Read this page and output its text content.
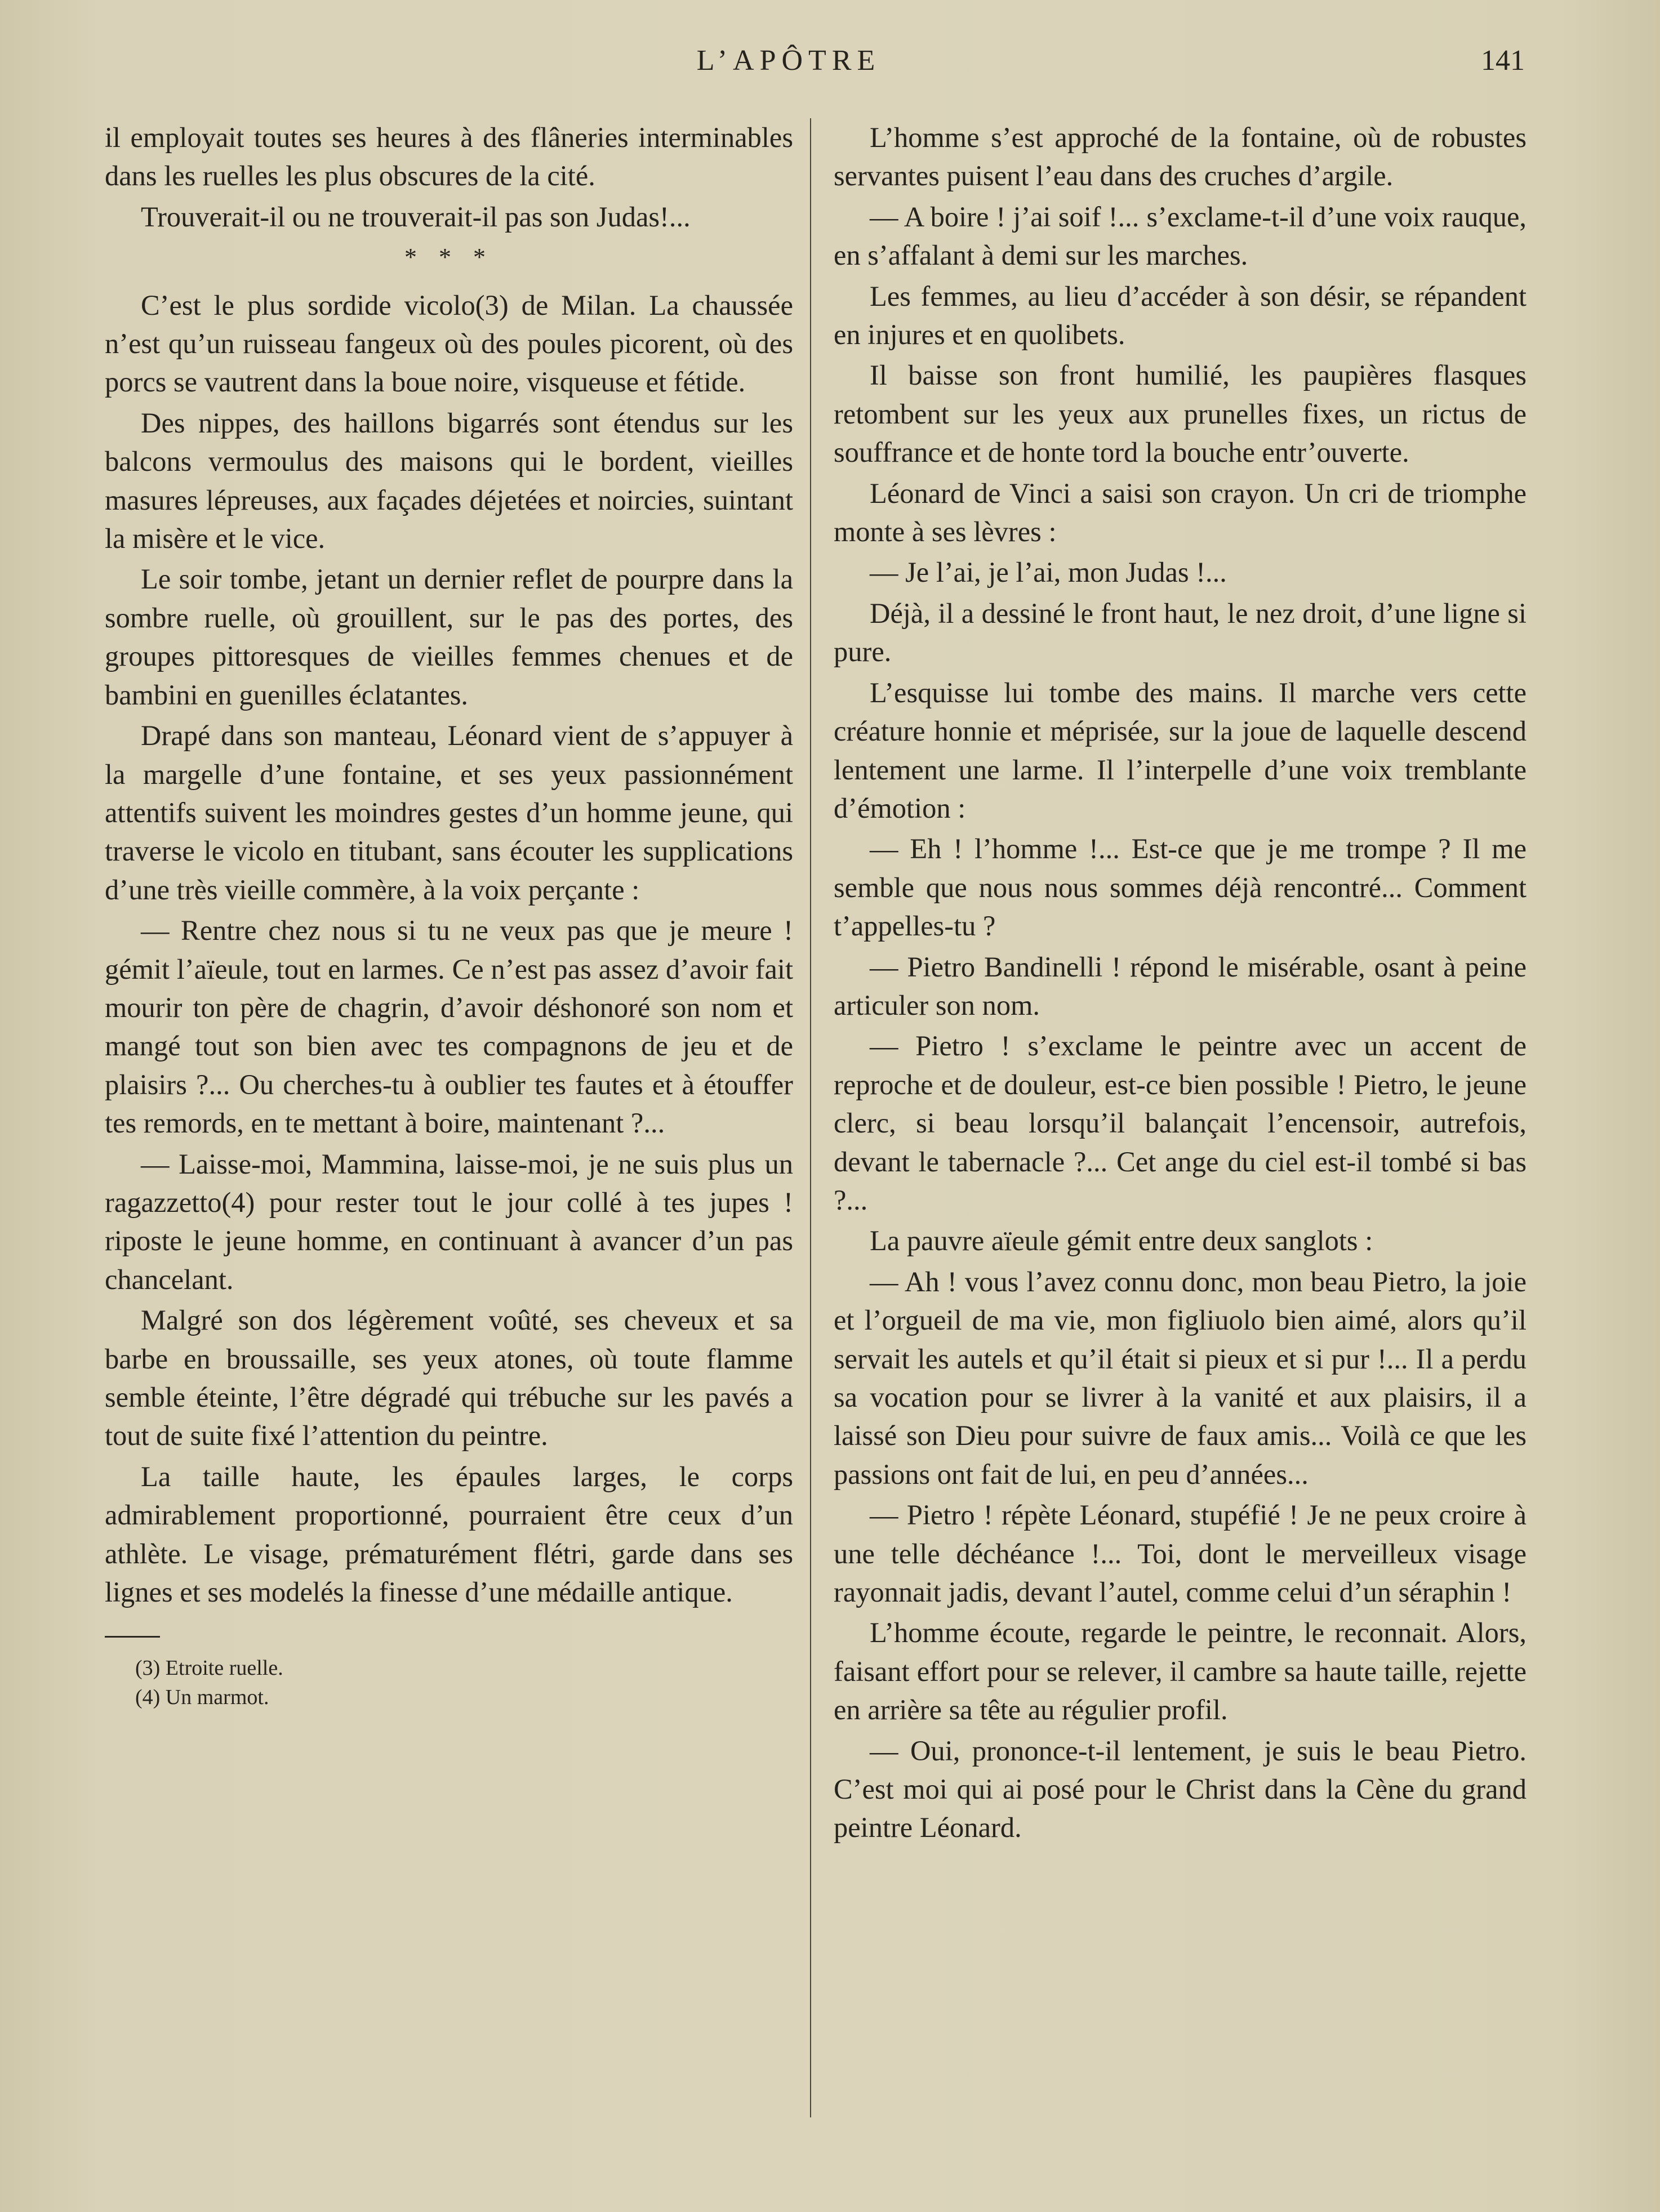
L’APÔTRE	141

il employait toutes ses heures à des flâneries interminables dans les ruelles les plus obscures de la cité.

Trouverait-il ou ne trouverait-il pas son Judas!...

* * *

C’est le plus sordide vicolo(3) de Milan. La chaussée n’est qu’un ruisseau fangeux où des poules picorent, où des porcs se vautrent dans la boue noire, visqueuse et fétide.

Des nippes, des haillons bigarrés sont étendus sur les balcons vermoulus des maisons qui le bordent, vieilles masures lépreuses, aux façades déjetées et noircies, suintant la misère et le vice.

Le soir tombe, jetant un dernier reflet de pourpre dans la sombre ruelle, où grouillent, sur le pas des portes, des groupes pittoresques de vieilles femmes chenues et de bambini en guenilles éclatantes.

Drapé dans son manteau, Léonard vient de s’appuyer à la margelle d’une fontaine, et ses yeux passionnément attentifs suivent les moindres gestes d’un homme jeune, qui traverse le vicolo en titubant, sans écouter les supplications d’une très vieille commère, à la voix perçante :

— Rentre chez nous si tu ne veux pas que je meure ! gémit l’aïeule, tout en larmes. Ce n’est pas assez d’avoir fait mourir ton père de chagrin, d’avoir déshonoré son nom et mangé tout son bien avec tes compagnons de jeu et de plaisirs ?... Ou cherches-tu à oublier tes fautes et à étouffer tes remords, en te mettant à boire, maintenant ?...

— Laisse-moi, Mammina, laisse-moi, je ne suis plus un ragazzetto(4) pour rester tout le jour collé à tes jupes ! riposte le jeune homme, en continuant à avancer d’un pas chancelant.

Malgré son dos légèrement voûté, ses cheveux et sa barbe en broussaille, ses yeux atones, où toute flamme semble éteinte, l’être dégradé qui trébuche sur les pavés a tout de suite fixé l’attention du peintre.

La taille haute, les épaules larges, le corps admirablement proportionné, pourraient être ceux d’un athlète. Le visage, prématurément flétri, garde dans ses lignes et ses modelés la finesse d’une médaille antique.

(3) Etroite ruelle.
(4) Un marmot.

L’homme s’est approché de la fontaine, où de robustes servantes puisent l’eau dans des cruches d’argile.

— A boire ! j’ai soif !... s’exclame-t-il d’une voix rauque, en s’affalant à demi sur les marches.

Les femmes, au lieu d’accéder à son désir, se répandent en injures et en quolibets.

Il baisse son front humilié, les paupières flasques retombent sur les yeux aux prunelles fixes, un rictus de souffrance et de honte tord la bouche entr’ouverte.

Léonard de Vinci a saisi son crayon. Un cri de triomphe monte à ses lèvres :

— Je l’ai, je l’ai, mon Judas !...

Déjà, il a dessiné le front haut, le nez droit, d’une ligne si pure.

L’esquisse lui tombe des mains. Il marche vers cette créature honnie et méprisée, sur la joue de laquelle descend lentement une larme. Il l’interpelle d’une voix tremblante d’émotion :

— Eh ! l’homme !... Est-ce que je me trompe ? Il me semble que nous nous sommes déjà rencontré... Comment t’appelles-tu ?

— Pietro Bandinelli ! répond le misérable, osant à peine articuler son nom.

— Pietro ! s’exclame le peintre avec un accent de reproche et de douleur, est-ce bien possible ! Pietro, le jeune clerc, si beau lorsqu’il balançait l’encensoir, autrefois, devant le tabernacle ?... Cet ange du ciel est-il tombé si bas ?...

La pauvre aïeule gémit entre deux sanglots :

— Ah ! vous l’avez connu donc, mon beau Pietro, la joie et l’orgueil de ma vie, mon figliuolo bien aimé, alors qu’il servait les autels et qu’il était si pieux et si pur !... Il a perdu sa vocation pour se livrer à la vanité et aux plaisirs, il a laissé son Dieu pour suivre de faux amis... Voilà ce que les passions ont fait de lui, en peu d’années...

— Pietro ! répète Léonard, stupéfié ! Je ne peux croire à une telle déchéance !... Toi, dont le merveilleux visage rayonnait jadis, devant l’autel, comme celui d’un séraphin !

L’homme écoute, regarde le peintre, le reconnait. Alors, faisant effort pour se relever, il cambre sa haute taille, rejette en arrière sa tête au régulier profil.

— Oui, prononce-t-il lentement, je suis le beau Pietro. C’est moi qui ai posé pour le Christ dans la Cène du grand peintre Léonard.
